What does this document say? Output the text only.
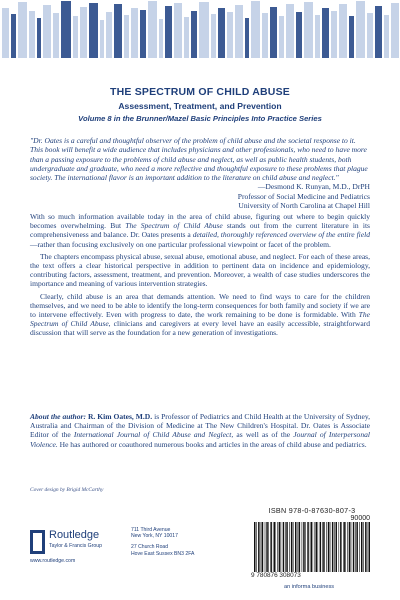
THE SPECTRUM OF CHILD ABUSE
Assessment, Treatment, and Prevention
Volume 8 in the Brunner/Mazel Basic Principles Into Practice Series
"Dr. Oates is a careful and thoughtful observer of the problem of child abuse and the societal response to it. This book will benefit a wide audience that includes physicians and other professionals, who need to have more than a passing exposure to the problems of child abuse and neglect, as well as public health students, both undergraduate and graduate, who need a more reflective and thoughtful exposure to these problems that plague society. The international flavor is an important addition to the literature on child abuse and neglect."
—Desmond K. Runyan, M.D., DrPH
Professor of Social Medicine and Pediatrics
University of North Carolina at Chapel Hill

With so much information available today in the area of child abuse, figuring out where to begin quickly becomes overwhelming. But The Spectrum of Child Abuse stands out from the current literature in its comprehensiveness and balance. Dr. Oates presents a detailed, thoroughly referenced overview of the entire field—rather than focusing exclusively on one particular professional viewpoint or facet of the problem.

The chapters encompass physical abuse, sexual abuse, emotional abuse, and neglect. For each of these areas, the text offers a clear historical perspective in addition to pertinent data on incidence and epidemiology, contributing factors, assessment, treatment, and prevention. Moreover, a wealth of case studies underscores the importance and meaning of various intervention strategies.

Clearly, child abuse is an area that demands attention. We need to find ways to care for the children themselves, and we need to be able to identify the long-term consequences for both family and society if we are to intervene effectively. Even with progress to date, the work remaining to be done is formidable. With The Spectrum of Child Abuse, clinicians and caregivers at every level have an easily accessible, straightforward discussion that will serve as the foundation for a new generation of investigations.

About the author: R. Kim Oates, M.D. is Professor of Pediatrics and Child Health at the University of Sydney, Australia and Chairman of the Division of Medicine at The New Children's Hospital. Dr. Oates is Associate Editor of the International Journal of Child Abuse and Neglect, as well as of the Journal of Interpersonal Violence. He has authored or coauthored numerous books and articles in the areas of child abuse and pediatrics.
Cover design by Brigid McCarthy
Routledge
Taylor & Francis Group
www.routledge.com
711 Third Avenue
New York, NY 10017
27 Church Road
Hove East Sussex BN3 2FA
ISBN 978-0-87630-807-3
90000
9 780876 308073
an informa business
